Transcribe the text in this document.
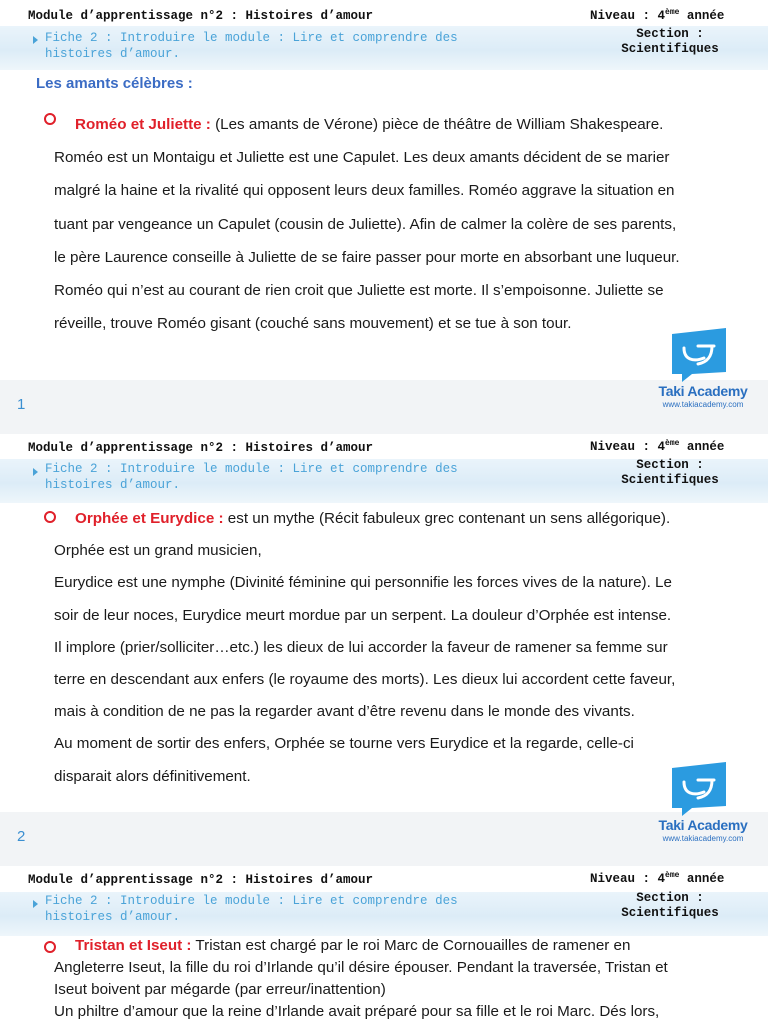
Module d’apprentissage n°2 : Histoires d’amour	Niveau : 4ème année
Section :
Scientifiques
Fiche 2 : Introduire le module : Lire et comprendre des
histoires d’amour.
Les amants célèbres :

Roméo et Juliette : (Les amants de Vérone) pièce de théâtre de William Shakespeare.

Roméo est un Montaigu et Juliette est une Capulet. Les deux amants décident de se marier

malgré la haine et la rivalité qui opposent leurs deux familles. Roméo aggrave la situation en

tuant par vengeance un Capulet (cousin de Juliette). Afin de calmer la colère de ses parents,

le père Laurence conseille à Juliette de se faire passer pour morte en absorbant une luqueur.

Roméo qui n’est au courant de rien croit que Juliette est morte. Il s’empoisonne. Juliette se

réveille, trouve Roméo gisant (couché sans mouvement) et se tue à son tour.

Taki Academy
www.takiacademy.com
1
Module d’apprentissage n°2 : Histoires d’amour	Niveau : 4ème année
Section :
Scientifiques
Fiche 2 : Introduire le module : Lire et comprendre des
histoires d’amour.

Orphée et Eurydice : est un mythe (Récit fabuleux grec contenant un sens allégorique).

Orphée est un grand musicien,

Eurydice est une nymphe (Divinité féminine qui personnifie les forces vives de la nature). Le

soir de leur noces, Eurydice meurt mordue par un serpent. La douleur d’Orphée est intense.

Il implore (prier/solliciter…etc.) les dieux de lui accorder la faveur de ramener sa femme sur

terre en descendant aux enfers (le royaume des morts). Les dieux lui accordent cette faveur,

mais à condition de ne pas la regarder avant d’être revenu dans le monde des vivants.

Au moment de sortir des enfers, Orphée se tourne vers Eurydice et la regarde, celle-ci

disparait alors définitivement.

Taki Academy
www.takiacademy.com
2
Module d’apprentissage n°2 : Histoires d’amour	Niveau : 4ème année
Section :
Scientifiques
Fiche 2 : Introduire le module : Lire et comprendre des
histoires d’amour.

Tristan et Iseut : Tristan est chargé par le roi Marc de Cornouailles de ramener en

Angleterre Iseut, la fille du roi d’Irlande qu’il désire épouser. Pendant la traversée, Tristan et

Iseut boivent par mégarde (par erreur/inattention)

Un philtre d’amour que la reine d’Irlande avait préparé pour sa fille et le roi Marc. Dés lors,
